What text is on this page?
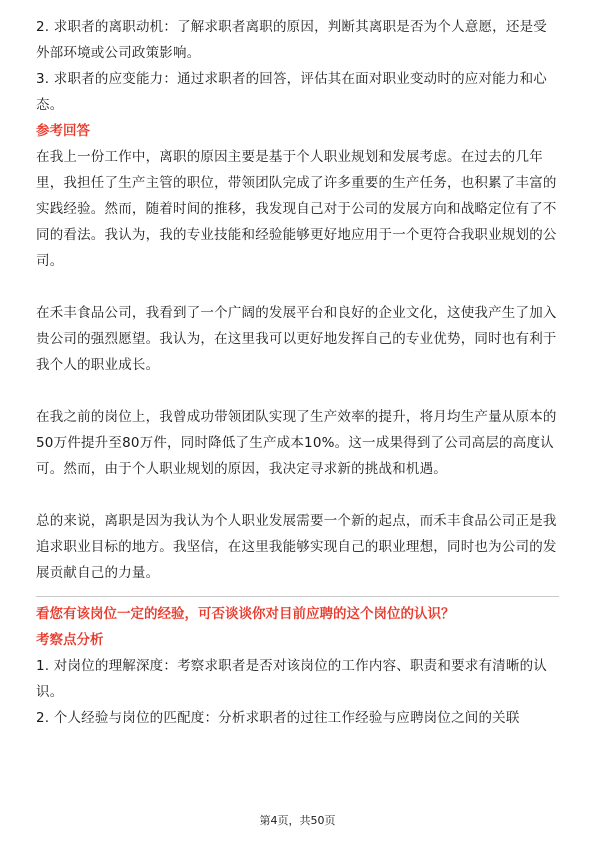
2. 求职者的离职动机：了解求职者离职的原因，判断其离职是否为个人意愿，还是受外部环境或公司政策影响。

3. 求职者的应变能力：通过求职者的回答，评估其在面对职业变动时的应对能力和心态。

参考回答

在我上一份工作中，离职的原因主要是基于个人职业规划和发展考虑。在过去的几年里，我担任了生产主管的职位，带领团队完成了许多重要的生产任务，也积累了丰富的实践经验。然而，随着时间的推移，我发现自己对于公司的发展方向和战略定位有了不同的看法。我认为，我的专业技能和经验能够更好地应用于一个更符合我职业规划的公司。

在禾丰食品公司，我看到了一个广阔的发展平台和良好的企业文化，这使我产生了加入贵公司的强烈愿望。我认为，在这里我可以更好地发挥自己的专业优势，同时也有利于我个人的职业成长。

在我之前的岗位上，我曾成功带领团队实现了生产效率的提升，将月均生产量从原本的50万件提升至80万件，同时降低了生产成本10%。这一成果得到了公司高层的高度认可。然而，由于个人职业规划的原因，我决定寻求新的挑战和机遇。

总的来说，离职是因为我认为个人职业发展需要一个新的起点，而禾丰食品公司正是我追求职业目标的地方。我坚信，在这里我能够实现自己的职业理想，同时也为公司的发展贡献自己的力量。

看您有该岗位一定的经验，可否谈谈你对目前应聘的这个岗位的认识？

考察点分析

1. 对岗位的理解深度：考察求职者是否对该岗位的工作内容、职责和要求有清晰的认识。

2. 个人经验与岗位的匹配度：分析求职者的过往工作经验与应聘岗位之间的关联

第4页，共50页
